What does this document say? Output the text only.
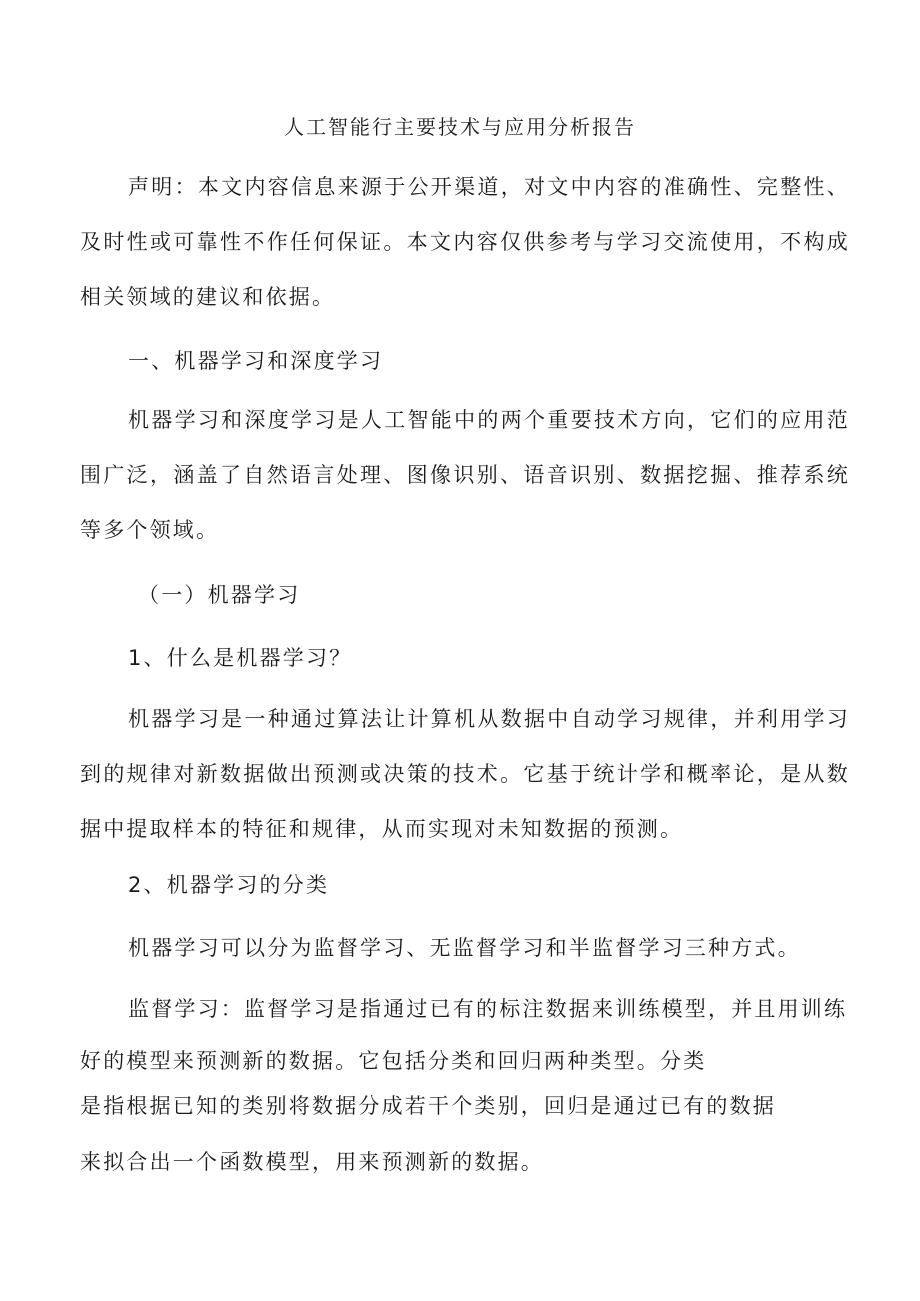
人工智能行主要技术与应用分析报告

声明：本文内容信息来源于公开渠道，对文中内容的准确性、完整性、及时性或可靠性不作任何保证。本文内容仅供参考与学习交流使用，不构成相关领域的建议和依据。

一、机器学习和深度学习

机器学习和深度学习是人工智能中的两个重要技术方向，它们的应用范围广泛，涵盖了自然语言处理、图像识别、语音识别、数据挖掘、推荐系统等多个领域。

（一）机器学习

1、什么是机器学习？

机器学习是一种通过算法让计算机从数据中自动学习规律，并利用学习到的规律对新数据做出预测或决策的技术。它基于统计学和概率论，是从数据中提取样本的特征和规律，从而实现对未知数据的预测。

2、机器学习的分类

机器学习可以分为监督学习、无监督学习和半监督学习三种方式。

监督学习：监督学习是指通过已有的标注数据来训练模型，并且用训练

好的模型来预测新的数据。它包括分类和回归两种类型。分类

是指根据已知的类别将数据分成若干个类别，回归是通过已有的数据

来拟合出一个函数模型，用来预测新的数据。
